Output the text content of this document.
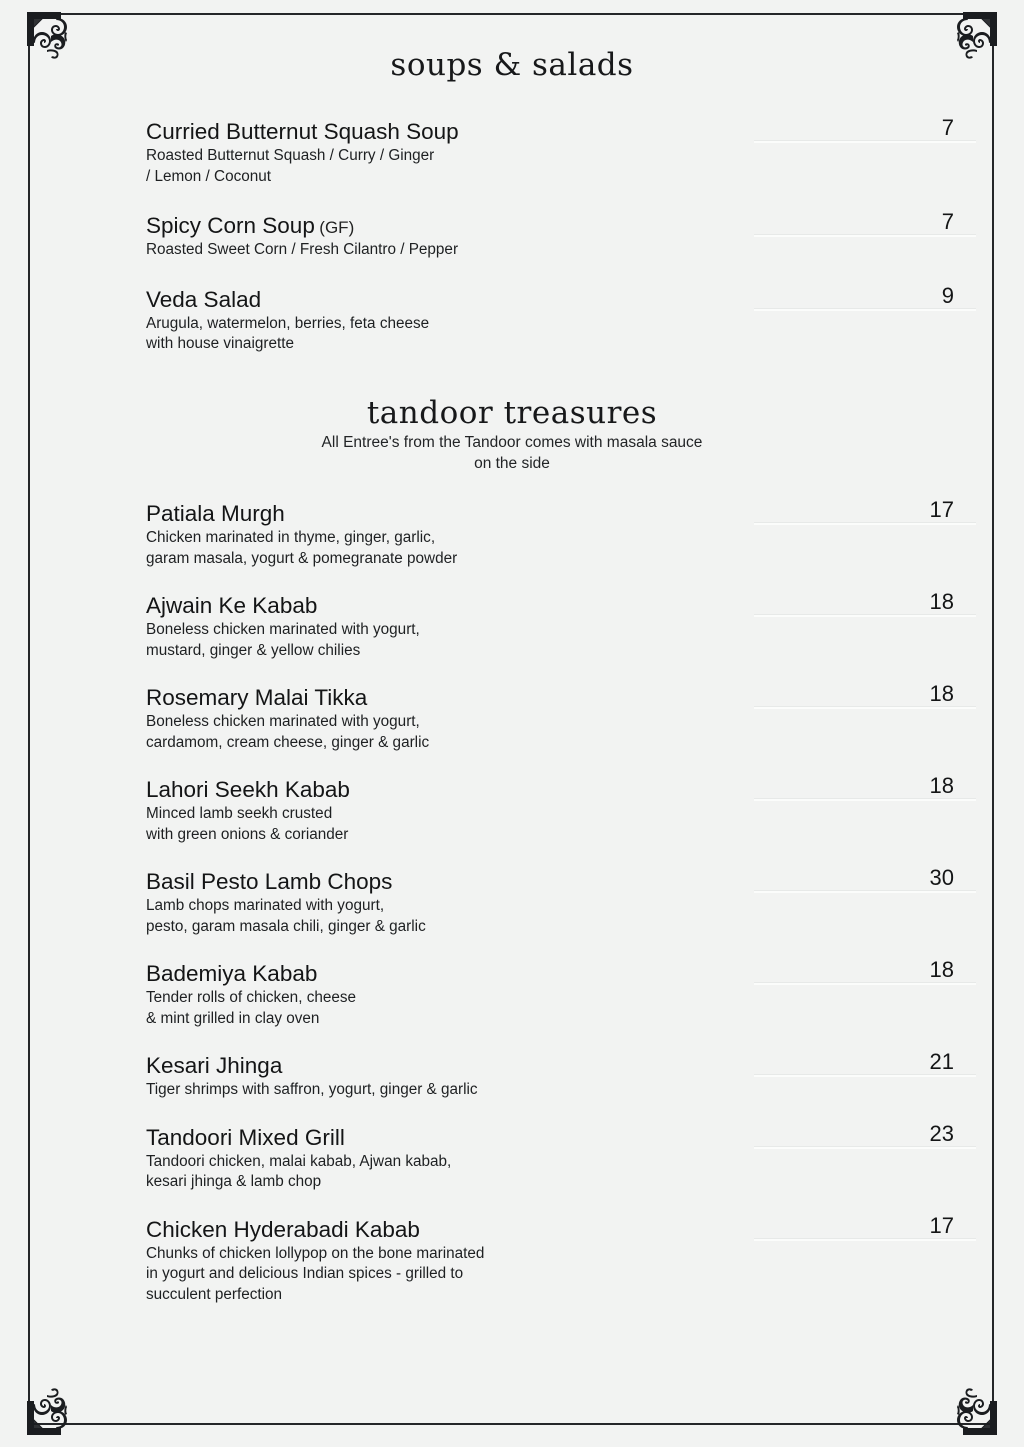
soups & salads
Curried Butternut Squash Soup	7
Roasted Butternut Squash / Curry / Ginger
/ Lemon / Coconut
Spicy Corn Soup (GF)	7
Roasted Sweet Corn / Fresh Cilantro / Pepper
Veda Salad	9
Arugula, watermelon, berries, feta cheese
with house vinaigrette
tandoor treasures
All Entree's from the Tandoor comes with masala sauce
on the side
Patiala Murgh	17
Chicken marinated in thyme, ginger, garlic,
garam masala, yogurt & pomegranate powder
Ajwain Ke Kabab	18
Boneless chicken marinated with yogurt,
mustard, ginger & yellow chilies
Rosemary Malai Tikka	18
Boneless chicken marinated with yogurt,
cardamom, cream cheese, ginger & garlic
Lahori Seekh Kabab	18
Minced lamb seekh crusted
with green onions & coriander
Basil Pesto Lamb Chops	30
Lamb chops marinated with yogurt,
pesto, garam masala chili, ginger & garlic
Bademiya Kabab	18
Tender rolls of chicken, cheese
& mint grilled in clay oven
Kesari Jhinga	21
Tiger shrimps with saffron, yogurt, ginger & garlic
Tandoori Mixed Grill	23
Tandoori chicken, malai kabab, Ajwan kabab,
kesari jhinga & lamb chop
Chicken Hyderabadi Kabab	17
Chunks of chicken lollypop on the bone marinated
in yogurt and delicious Indian spices - grilled to
succulent perfection
